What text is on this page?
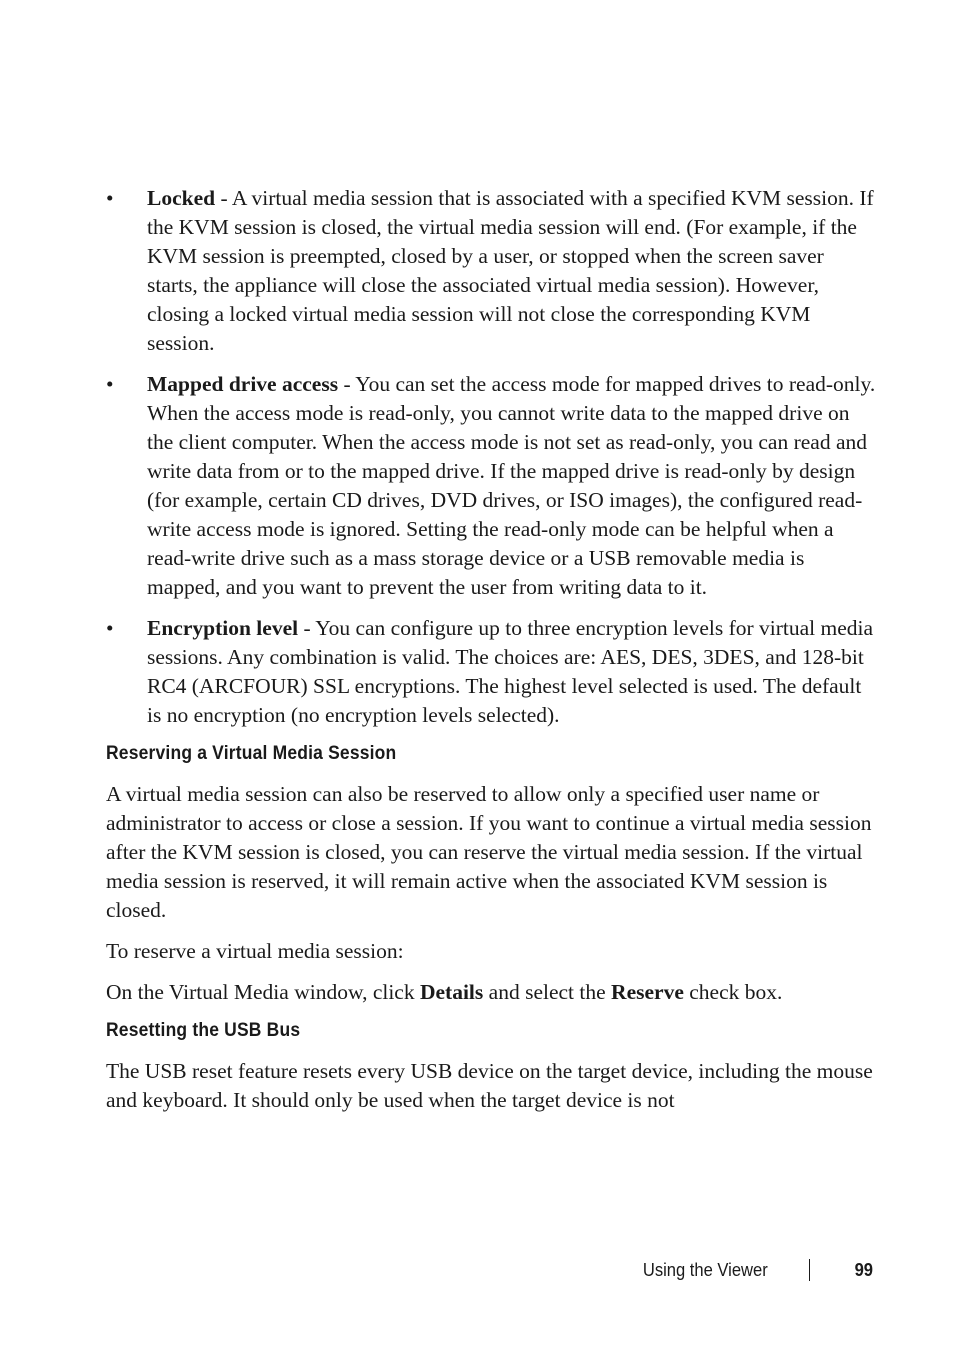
•	Locked - A virtual media session that is associated with a specified KVM session. If the KVM session is closed, the virtual media session will end. (For example, if the KVM session is preempted, closed by a user, or stopped when the screen saver starts, the appliance will close the associated virtual media session). However, closing a locked virtual media session will not close the corresponding KVM session.
•	Mapped drive access - You can set the access mode for mapped drives to read-only. When the access mode is read-only, you cannot write data to the mapped drive on the client computer. When the access mode is not set as read-only, you can read and write data from or to the mapped drive. If the mapped drive is read-only by design (for example, certain CD drives, DVD drives, or ISO images), the configured read-write access mode is ignored. Setting the read-only mode can be helpful when a read-write drive such as a mass storage device or a USB removable media is mapped, and you want to prevent the user from writing data to it.
•	Encryption level - You can configure up to three encryption levels for virtual media sessions. Any combination is valid. The choices are: AES, DES, 3DES, and 128-bit RC4 (ARCFOUR) SSL encryptions. The highest level selected is used. The default is no encryption (no encryption levels selected).
Reserving a Virtual Media Session

A virtual media session can also be reserved to allow only a specified user name or administrator to access or close a session. If you want to continue a virtual media session after the KVM session is closed, you can reserve the virtual media session. If the virtual media session is reserved, it will remain active when the associated KVM session is closed.

To reserve a virtual media session:

On the Virtual Media window, click Details and select the Reserve check box.

Resetting the USB Bus

The USB reset feature resets every USB device on the target device, including the mouse and keyboard. It should only be used when the target device is not

Using the Viewer	99
